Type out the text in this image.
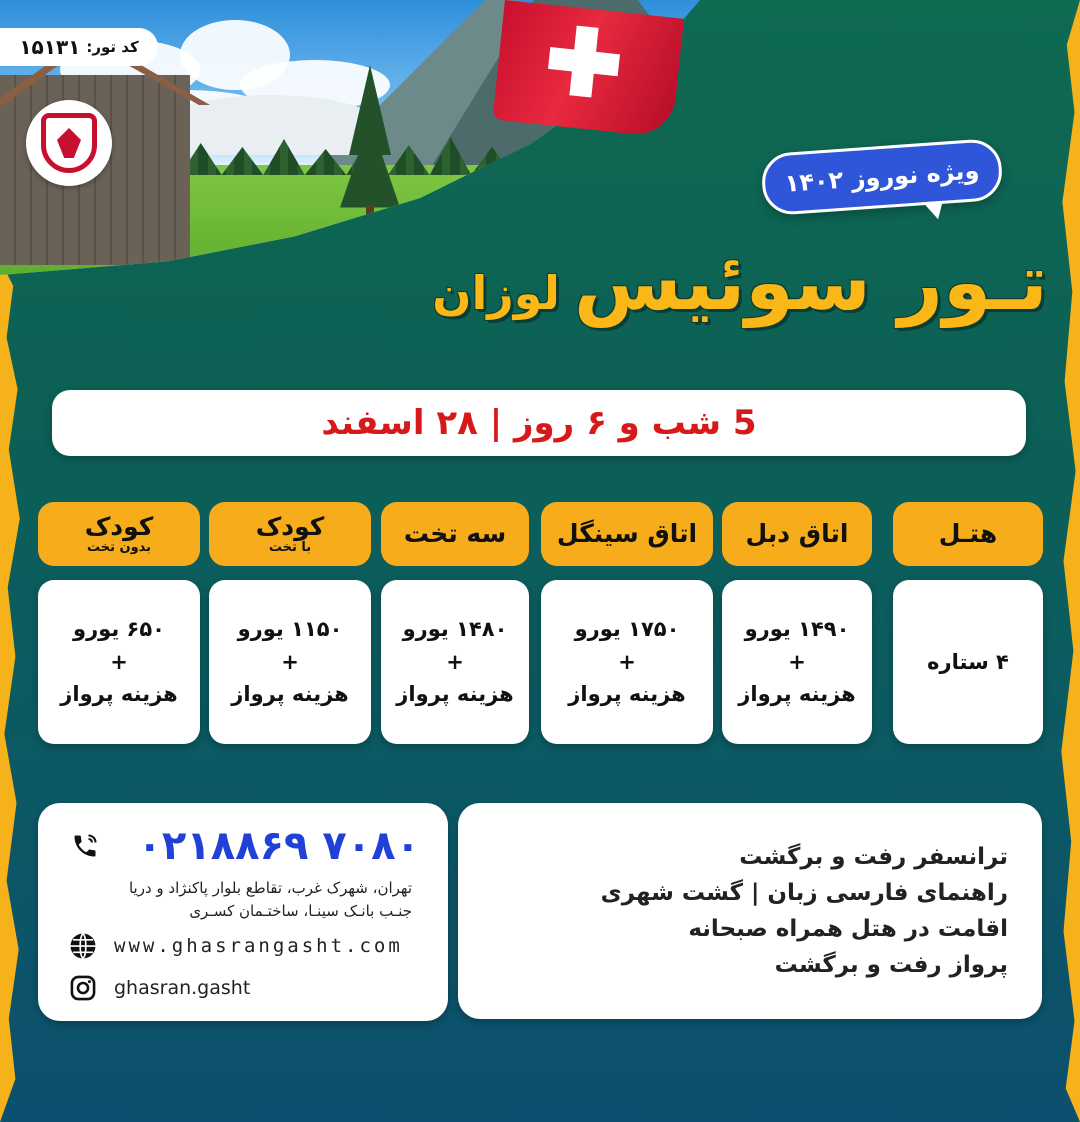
کد تور:
۱۵۱۳۱
ویژه نوروز ۱۴۰۲
تـور سوئیس
لوزان
5 شب و ۶ روز | ۲۸ اسفند
هتـل
۴ ستاره
اتاق دبل
۱۴۹۰ یورو
+
هزینه پرواز
اتاق سینگل
۱۷۵۰ یورو
+
هزینه پرواز
سه تخت
۱۴۸۰ یورو
+
هزینه پرواز
کودک
با تخت
۱۱۵۰ یورو
+
هزینه پرواز
کودک
بدون تخت
۶۵۰ یورو
+
هزینه پرواز
ترانسفر رفت و برگشت
راهنمای فارسی زبان | گشت شهری
اقامت در هتل همراه صبحانه
پرواز رفت و برگشت
۰۲۱۸۸۶۹ ۷۰۸۰
تهران، شهرک غرب، تقاطع بلوار پاکنژاد و دریا
جنـب بانـک سینـا، ساختـمان کسـری
www.ghasrangasht.com
ghasran.gasht
